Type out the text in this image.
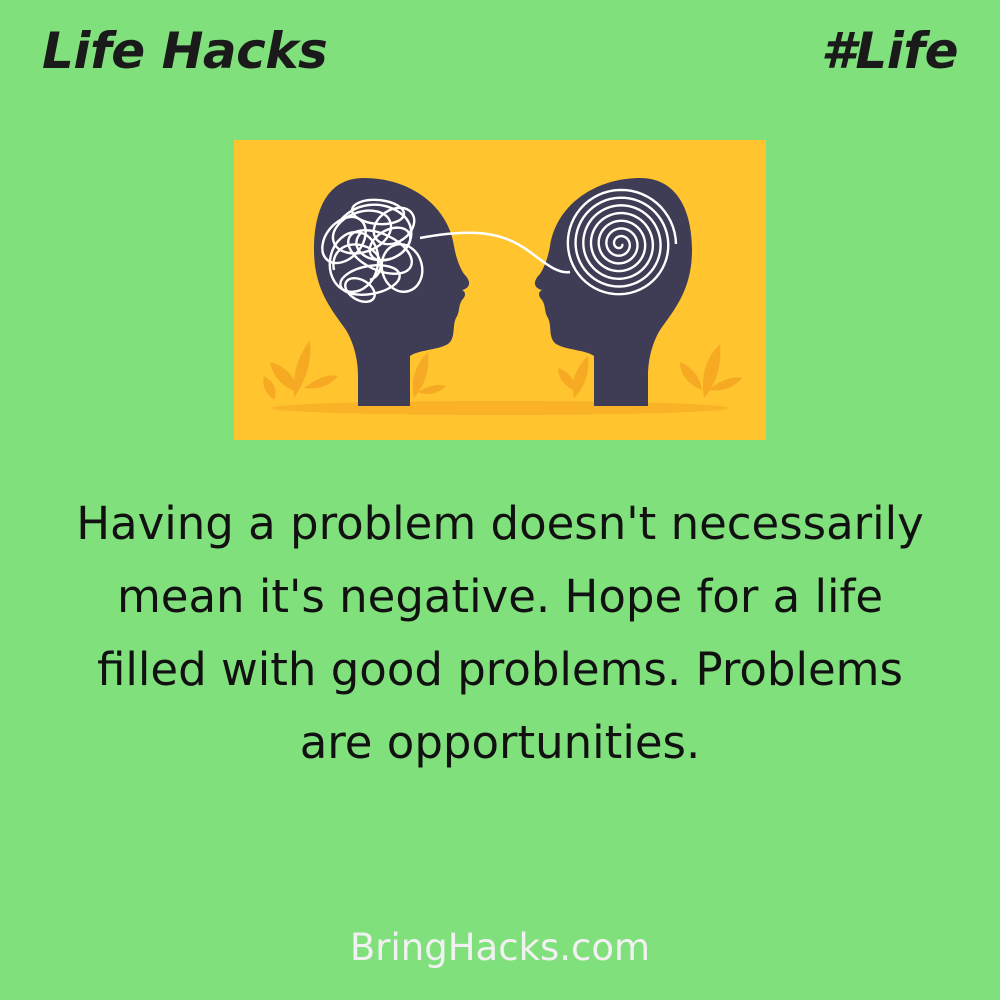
Life Hacks	#Life

Having a problem doesn't necessarily mean it's negative. Hope for a life filled with good problems. Problems are opportunities.

BringHacks.com
